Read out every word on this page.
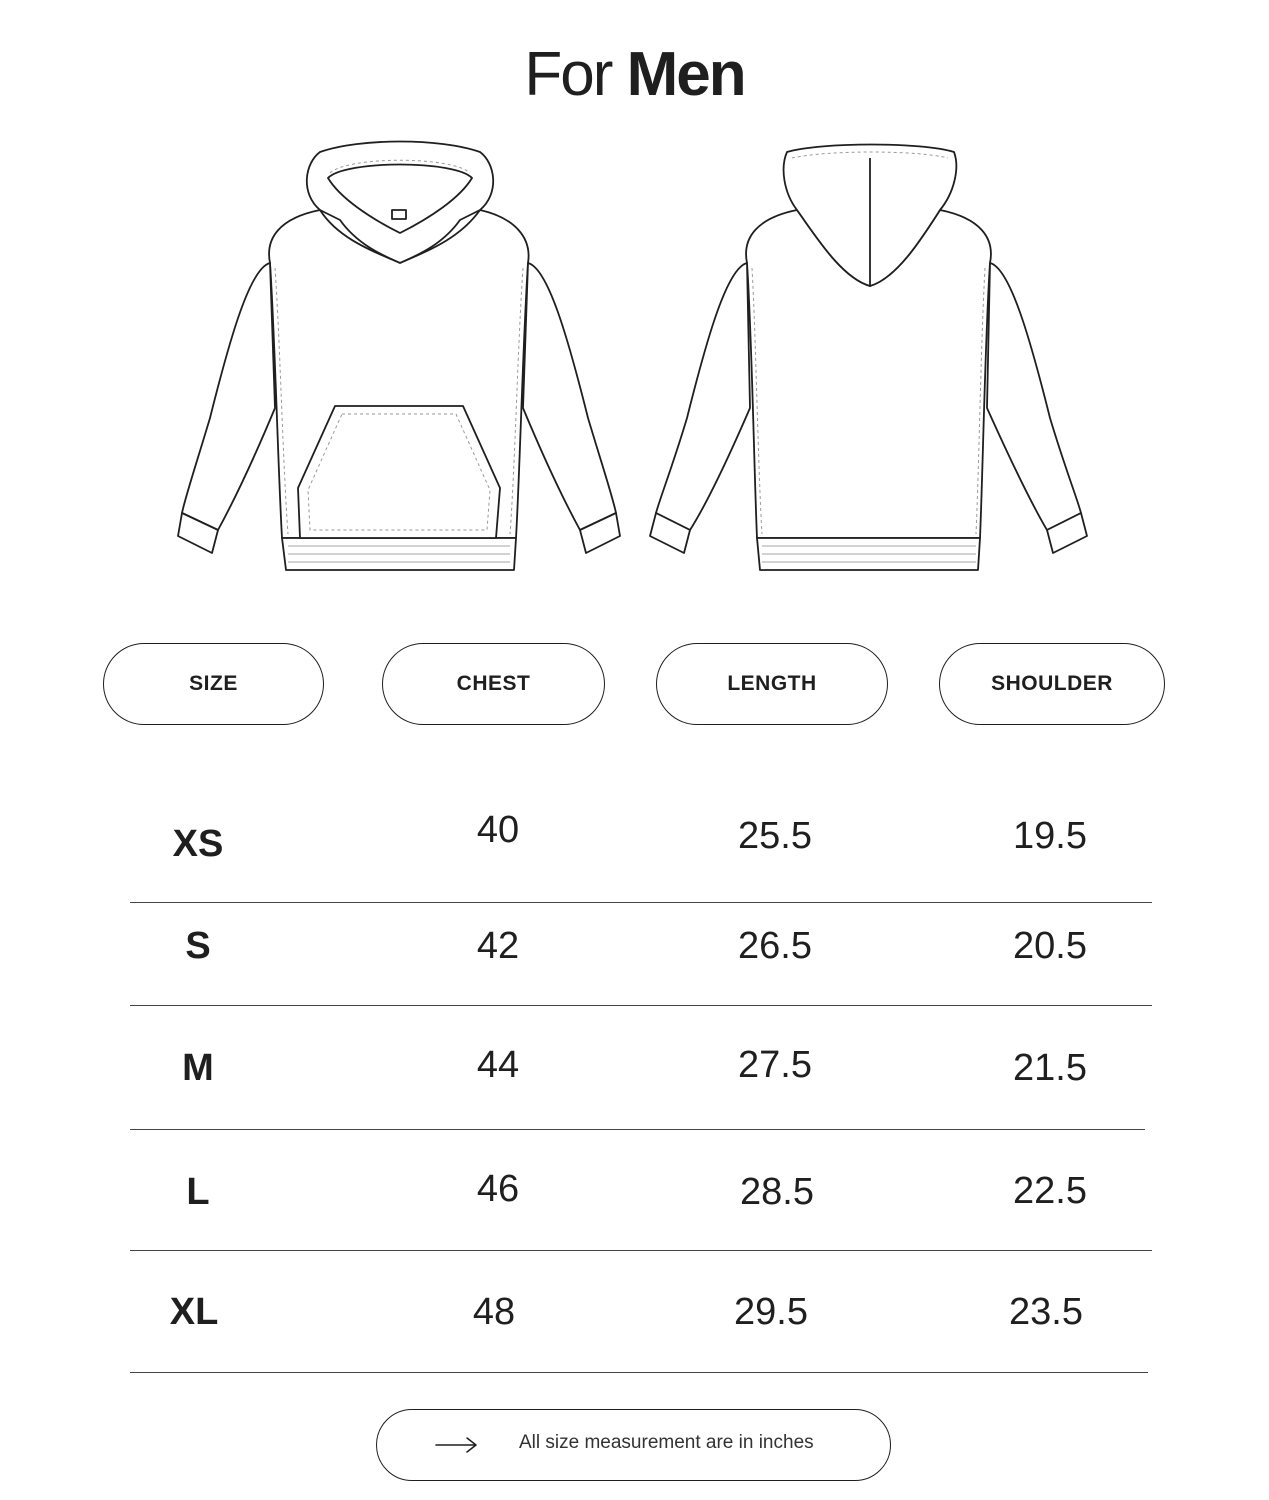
For Men
SIZE	CHEST	LENGTH	SHOULDER
XS	40	25.5	19.5
S	42	26.5	20.5
M	44	27.5	21.5
L	46	28.5	22.5
XL	48	29.5	23.5
All size measurement are in inches
